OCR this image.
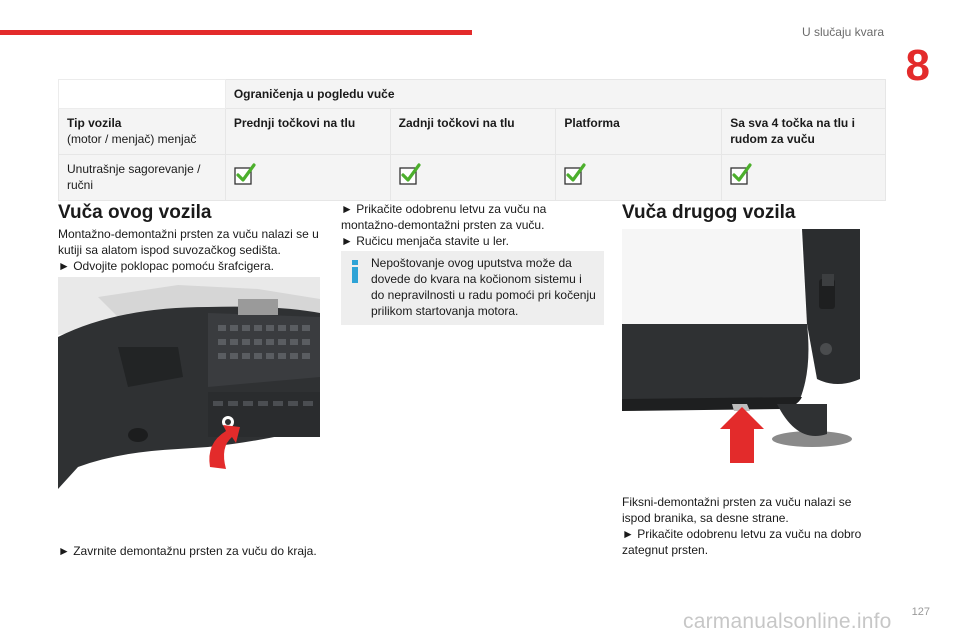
U slučaju kvara
8
	Ograničenja u pogledu vuče			

Tip vozila
(motor / menjač) menjač	Prednji točkovi na tlu	Zadnji točkovi na tlu	Platforma	Sa sva 4 točka na tlu i rudom za vuču
Unutrašnje sagorevanje / ručni	

Vuča ovog vozila

Montažno-demontažni prsten za vuču nalazi se u kutiji sa alatom ispod suvozačkog sedišta.

► Odvojite poklopac pomoću šrafcigera.

► Zavrnite demontažnu prsten za vuču do kraja.

► Prikačite odobrenu letvu za vuču na montažno-demontažni prsten za vuču.

► Ručicu menjača stavite u ler.

Nepoštovanje ovog uputstva može da dovede do kvara na kočionom sistemu i do nepravilnosti u radu pomoći pri kočenju prilikom startovanja motora.
Vuča drugog vozila

Fiksni-demontažni prsten za vuču nalazi se ispod branika, sa desne strane.

► Prikačite odobrenu letvu za vuču na dobro zategnut prsten.

127
carmanualsonline.info
